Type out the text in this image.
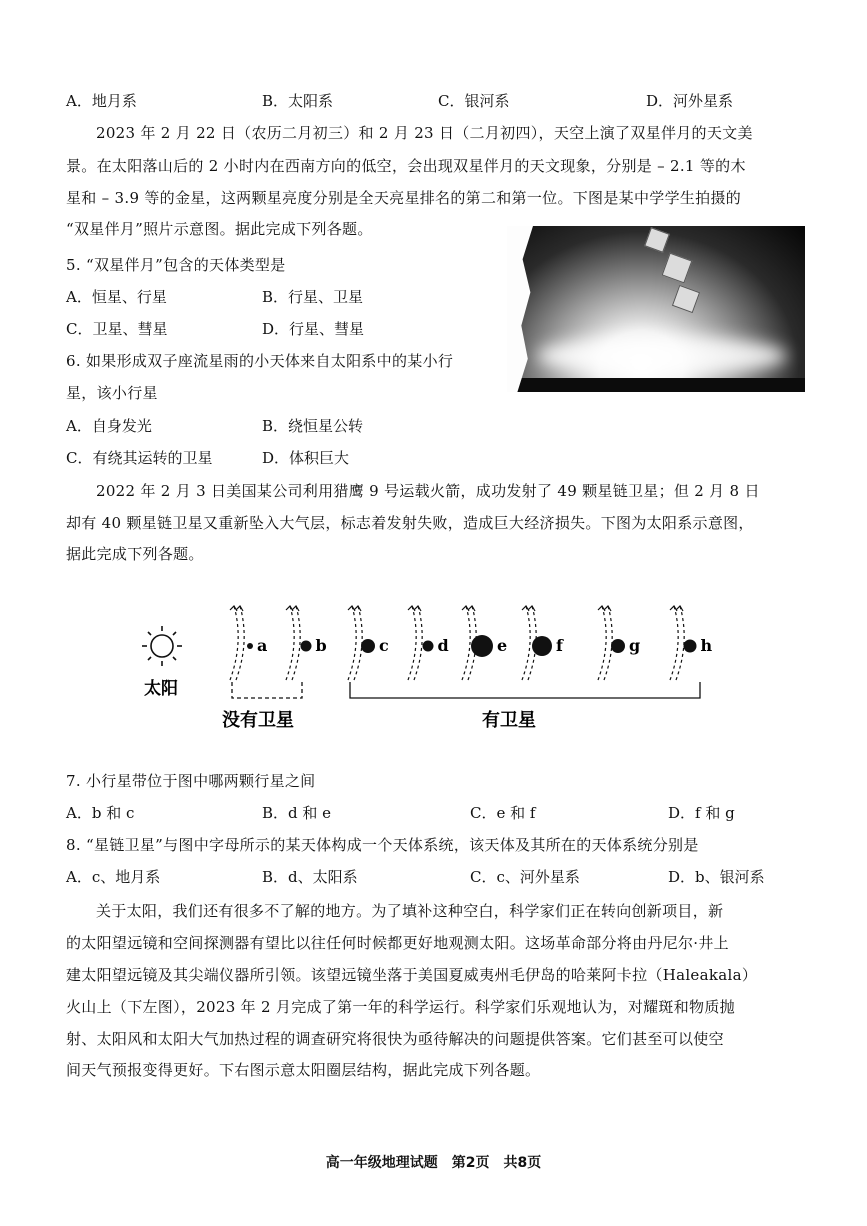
A．地月系	B．太阳系	C．银河系	D．河外星系
2023 年 2 月 22 日（农历二月初三）和 2 月 23 日（二月初四），天空上演了双星伴月的天文美
景。在太阳落山后的 2 小时内在西南方向的低空，会出现双星伴月的天文现象，分别是 – 2.1 等的木
星和 – 3.9 等的金星，这两颗星亮度分别是全天亮星排名的第二和第一位。下图是某中学学生拍摄的
“双星伴月”照片示意图。据此完成下列各题。
5. “双星伴月”包含的天体类型是
A．恒星、行星	B．行星、卫星
C．卫星、彗星	D．行星、彗星
6. 如果形成双子座流星雨的小天体来自太阳系中的某小行
星，该小行星
A．自身发光	B．绕恒星公转
C．有绕其运转的卫星	D．体积巨大
2022 年 2 月 3 日美国某公司利用猎鹰 9 号运载火箭，成功发射了 49 颗星链卫星；但 2 月 8 日
却有 40 颗星链卫星又重新坠入大气层，标志着发射失败，造成巨大经济损失。下图为太阳系示意图，
据此完成下列各题。
太阳
a	b	c	d	e	f	g	h
没有卫星	有卫星
7. 小行星带位于图中哪两颗行星之间
A．b 和 c	B．d 和 e	C．e 和 f	D．f 和 g
8. “星链卫星”与图中字母所示的某天体构成一个天体系统，该天体及其所在的天体系统分别是
A．c、地月系	B．d、太阳系	C．c、河外星系	D．b、银河系
关于太阳，我们还有很多不了解的地方。为了填补这种空白，科学家们正在转向创新项目，新
的太阳望远镜和空间探测器有望比以往任何时候都更好地观测太阳。这场革命部分将由丹尼尔·井上
建太阳望远镜及其尖端仪器所引领。该望远镜坐落于美国夏威夷州毛伊岛的哈莱阿卡拉（Haleakala）
火山上（下左图），2023 年 2 月完成了第一年的科学运行。科学家们乐观地认为，对耀斑和物质抛
射、太阳风和太阳大气加热过程的调查研究将很快为亟待解决的问题提供答案。它们甚至可以使空
间天气预报变得更好。下右图示意太阳圈层结构，据此完成下列各题。
高一年级地理试题　第2页　共8页
